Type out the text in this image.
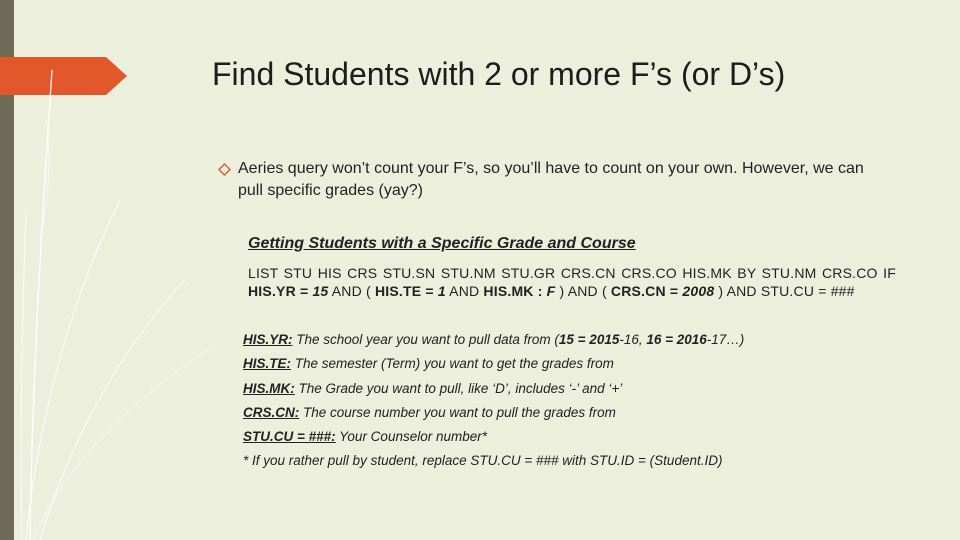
Find Students with 2 or more F’s (or D’s)
Aeries query won’t count your F’s, so you’ll have to count on your own. However, we can pull specific grades (yay?)
Getting Students with a Specific Grade and Course
LIST STU HIS CRS STU.SN STU.NM STU.GR CRS.CN CRS.CO HIS.MK BY STU.NM CRS.CO IF HIS.YR = 15 AND ( HIS.TE = 1 AND HIS.MK : F ) AND ( CRS.CN = 2008 ) AND STU.CU = ###
HIS.YR: The school year you want to pull data from (15 = 2015-16, 16 = 2016-17…)
HIS.TE: The semester (Term) you want to get the grades from
HIS.MK: The Grade you want to pull, like ‘D’, includes ‘-’ and ‘+’
CRS.CN: The course number you want to pull the grades from
STU.CU = ###: Your Counselor number*
* If you rather pull by student, replace STU.CU = ### with STU.ID = (Student.ID)
